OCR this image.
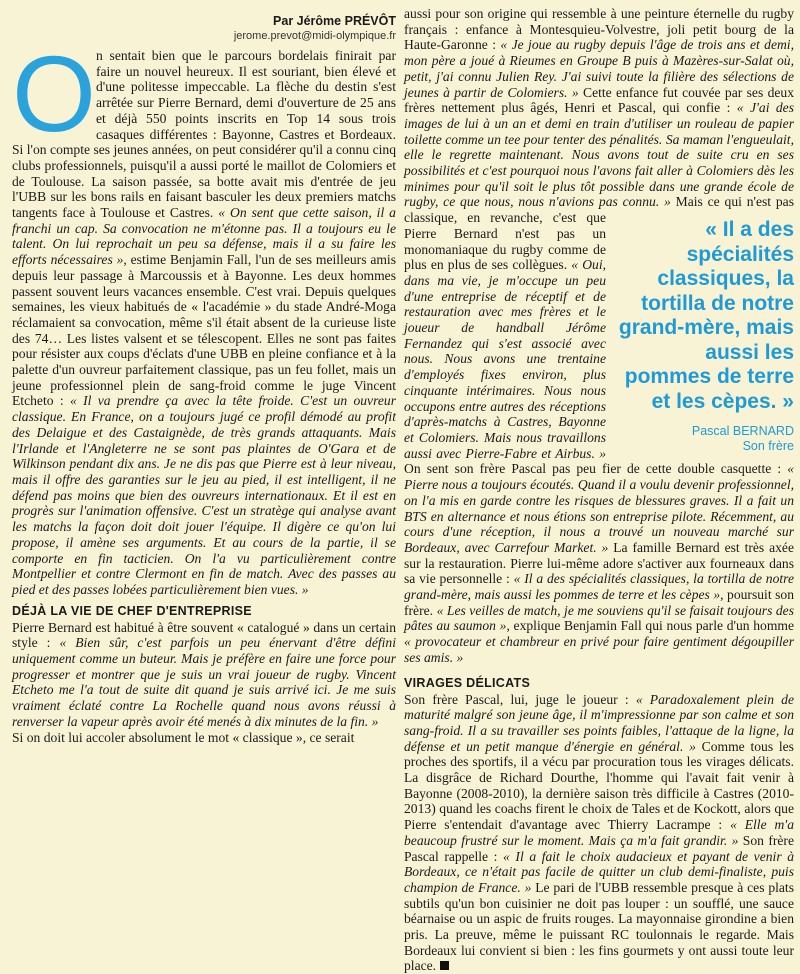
Par Jérôme PRÉVÔT
jerome.prevot@midi-olympique.fr

On sentait bien que le parcours bordelais finirait par faire un nouvel heureux. Il est souriant, bien élevé et d'une politesse impeccable. La flèche du destin s'est arrêtée sur Pierre Bernard, demi d'ouverture de 25 ans et déjà 550 points inscrits en Top 14 sous trois casaques différentes : Bayonne, Castres et Bordeaux. Si l'on compte ses jeunes années, on peut considérer qu'il a connu cinq clubs professionnels, puisqu'il a aussi porté le maillot de Colomiers et de Toulouse. La saison passée, sa botte avait mis d'entrée de jeu l'UBB sur les bons rails en faisant basculer les deux premiers matchs tangents face à Toulouse et Castres. « On sent que cette saison, il a franchi un cap. Sa convocation ne m'étonne pas. Il a toujours eu le talent. On lui reprochait un peu sa défense, mais il a su faire les efforts nécessaires », estime Benjamin Fall, l'un de ses meilleurs amis depuis leur passage à Marcoussis et à Bayonne. Les deux hommes passent souvent leurs vacances ensemble. C'est vrai. Depuis quelques semaines, les vieux habitués de « l'académie » du stade André-Moga réclamaient sa convocation, même s'il était absent de la curieuse liste des 74… Les listes valsent et se télescopent. Elles ne sont pas faites pour résister aux coups d'éclats d'une UBB en pleine confiance et à la palette d'un ouvreur parfaitement classique, pas un feu follet, mais un jeune professionnel plein de sang-froid comme le juge Vincent Etcheto : « Il va prendre ça avec la tête froide. C'est un ouvreur classique. En France, on a toujours jugé ce profil démodé au profit des Delaigue et des Castaignède, de très grands attaquants. Mais l'Irlande et l'Angleterre ne se sont pas plaintes de O'Gara et de Wilkinson pendant dix ans. Je ne dis pas que Pierre est à leur niveau, mais il offre des garanties sur le jeu au pied, il est intelligent, il ne défend pas moins que bien des ouvreurs internationaux. Et il est en progrès sur l'animation offensive. C'est un stratège qui analyse avant les matchs la façon doit doit jouer l'équipe. Il digère ce qu'on lui propose, il amène ses arguments. Et au cours de la partie, il se comporte en fin tacticien. On l'a vu particulièrement contre Montpellier et contre Clermont en fin de match. Avec des passes au pied et des passes lobées particulièrement bien vues. »

DÉJÀ LA VIE DE CHEF D'ENTREPRISE

Pierre Bernard est habitué à être souvent « catalogué » dans un certain style : « Bien sûr, c'est parfois un peu énervant d'être défini uniquement comme un buteur. Mais je préfère en faire une force pour progresser et montrer que je suis un vrai joueur de rugby. Vincent Etcheto me l'a tout de suite dit quand je suis arrivé ici. Je me suis vraiment éclaté contre La Rochelle quand nous avons réussi à renverser la vapeur après avoir été menés à dix minutes de la fin. »

Si on doit lui accoler absolument le mot « classique », ce serait

aussi pour son origine qui ressemble à une peinture éternelle du rugby français : enfance à Montesquieu-Volvestre, joli petit bourg de la Haute-Garonne : « Je joue au rugby depuis l'âge de trois ans et demi, mon père a joué à Rieumes en Groupe B puis à Mazères-sur-Salat où, petit, j'ai connu Julien Rey. J'ai suivi toute la filière des sélections de jeunes à partir de Colomiers. » Cette enfance fut couvée par ses deux frères nettement plus âgés, Henri et Pascal, qui confie : « J'ai des images de lui à un an et demi en train d'utiliser un rouleau de papier toilette comme un tee pour tenter des pénalités. Sa maman l'engueulait, elle le regrette maintenant. Nous avons tout de suite cru en ses possibilités et c'est pourquoi nous l'avons fait aller à Colomiers dès les minimes pour qu'il soit le plus tôt possible dans une grande école de rugby, ce que nous, nous n'avions pas connu. »
« Il a des spécialités classiques, la tortilla de notre grand-mère, mais aussi les pommes de terre et les cèpes. »
Pascal BERNARD
Son frère
Mais ce qui n'est pas classique, en revanche, c'est que Pierre Bernard n'est pas un monomaniaque du rugby comme de plus en plus de ses collègues. « Oui, dans ma vie, je m'occupe un peu d'une entreprise de réceptif et de restauration avec mes frères et le joueur de handball Jérôme Fernandez qui s'est associé avec nous. Nous avons une trentaine d'employés fixes environ, plus cinquante intérimaires. Nous nous occupons entre autres des réceptions d'après-matchs à Castres, Bayonne et Colomiers. Mais nous travaillons aussi avec Pierre-Fabre et Airbus. » On sent son frère Pascal pas peu fier de cette double casquette : « Pierre nous a toujours écoutés. Quand il a voulu devenir professionnel, on l'a mis en garde contre les risques de blessures graves. Il a fait un BTS en alternance et nous étions son entreprise pilote. Récemment, au cours d'une réception, il nous a trouvé un nouveau marché sur Bordeaux, avec Carrefour Market. » La famille Bernard est très axée sur la restauration. Pierre lui-même adore s'activer aux fourneaux dans sa vie personnelle : « Il a des spécialités classiques, la tortilla de notre grand-mère, mais aussi les pommes de terre et les cèpes », poursuit son frère. « Les veilles de match, je me souviens qu'il se faisait toujours des pâtes au saumon », explique Benjamin Fall qui nous parle d'un homme « provocateur et chambreur en privé pour faire gentiment dégoupiller ses amis. »

VIRAGES DÉLICATS

Son frère Pascal, lui, juge le joueur : « Paradoxalement plein de maturité malgré son jeune âge, il m'impressionne par son calme et son sang-froid. Il a su travailler ses points faibles, l'attaque de la ligne, la défense et un petit manque d'énergie en général. » Comme tous les proches des sportifs, il a vécu par procuration tous les virages délicats. La disgrâce de Richard Dourthe, l'homme qui l'avait fait venir à Bayonne (2008-2010), la dernière saison très difficile à Castres (2010-2013) quand les coachs firent le choix de Tales et de Kockott, alors que Pierre s'entendait d'avantage avec Thierry Lacrampe : « Elle m'a beaucoup frustré sur le moment. Mais ça m'a fait grandir. » Son frère Pascal rappelle : « Il a fait le choix audacieux et payant de venir à Bordeaux, ce n'était pas facile de quitter un club demi-finaliste, puis champion de France. » Le pari de l'UBB ressemble presque à ces plats subtils qu'un bon cuisinier ne doit pas louper : un soufflé, une sauce béarnaise ou un aspic de fruits rouges. La mayonnaise girondine a bien pris. La preuve, même le puissant RC toulonnais le regarde. Mais Bordeaux lui convient si bien : les fins gourmets y ont aussi toute leur place.
